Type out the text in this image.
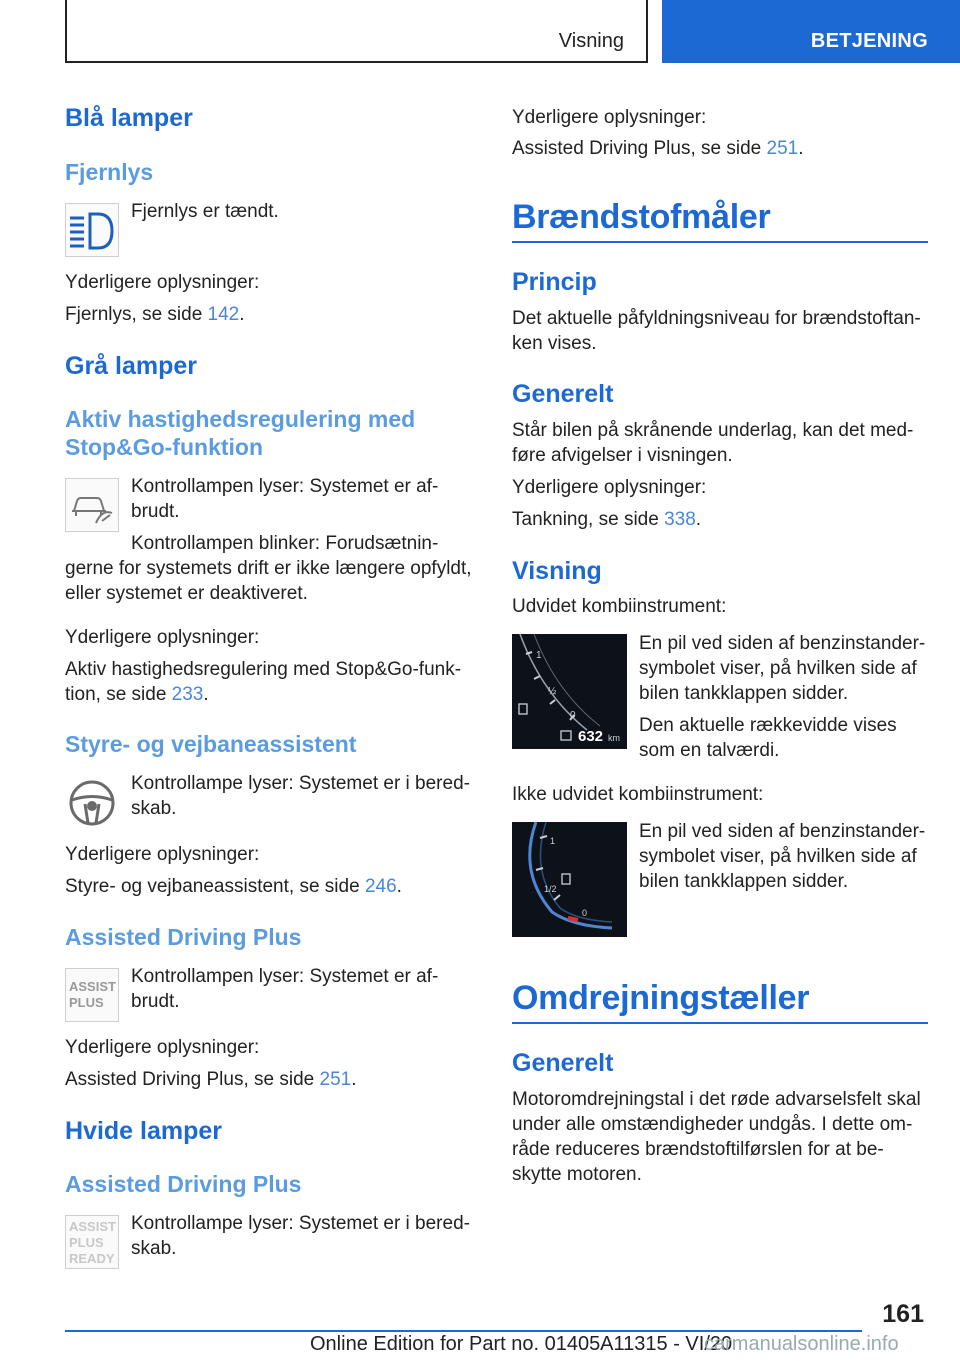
Visning	BETJENING
Blå lamper
Fjernlys
Fjernlys er tændt.
Yderligere oplysninger:
Fjernlys, se side 142.
Grå lamper
Aktiv hastighedsregulering med
Stop&Go-funktion
Kontrollampen lyser: Systemet er af-
brudt.
Kontrollampen blinker: Forudsætnin-
gerne for systemets drift er ikke længere opfyldt,
eller systemet er deaktiveret.
Yderligere oplysninger:
Aktiv hastighedsregulering med Stop&Go-funk-
tion, se side 233.
Styre- og vejbaneassistent
Kontrollampe lyser: Systemet er i bered-
skab.
Yderligere oplysninger:
Styre- og vejbaneassistent, se side 246.
Assisted Driving Plus
ASSIST
PLUS
Kontrollampen lyser: Systemet er af-
brudt.
Yderligere oplysninger:
Assisted Driving Plus, se side 251.
Hvide lamper
Assisted Driving Plus
ASSIST
PLUS
READY
Kontrollampe lyser: Systemet er i bered-
skab.
Yderligere oplysninger:
Assisted Driving Plus, se side 251.
Brændstofmåler
Princip
Det aktuelle påfyldningsniveau for brændstoftan-
ken vises.
Generelt
Står bilen på skrånende underlag, kan det med-
føre afvigelser i visningen.
Yderligere oplysninger:
Tankning, se side 338.
Visning
Udvidet kombiinstrument:
1
½
0
632 km
En pil ved siden af benzinstander-
symbolet viser, på hvilken side af
bilen tankklappen sidder.
Den aktuelle rækkevidde vises
som en talværdi.
Ikke udvidet kombiinstrument:
1
1/2
0
En pil ved siden af benzinstander-
symbolet viser, på hvilken side af
bilen tankklappen sidder.
Omdrejningstæller
Generelt
Motoromdrejningstal i det røde advarselsfelt skal
under alle omstændigheder undgås. I dette om-
råde reduceres brændstoftilførslen for at be-
skytte motoren.
161
Online Edition for Part no. 01405A11315 - VI/20
carmanualsonline.info
